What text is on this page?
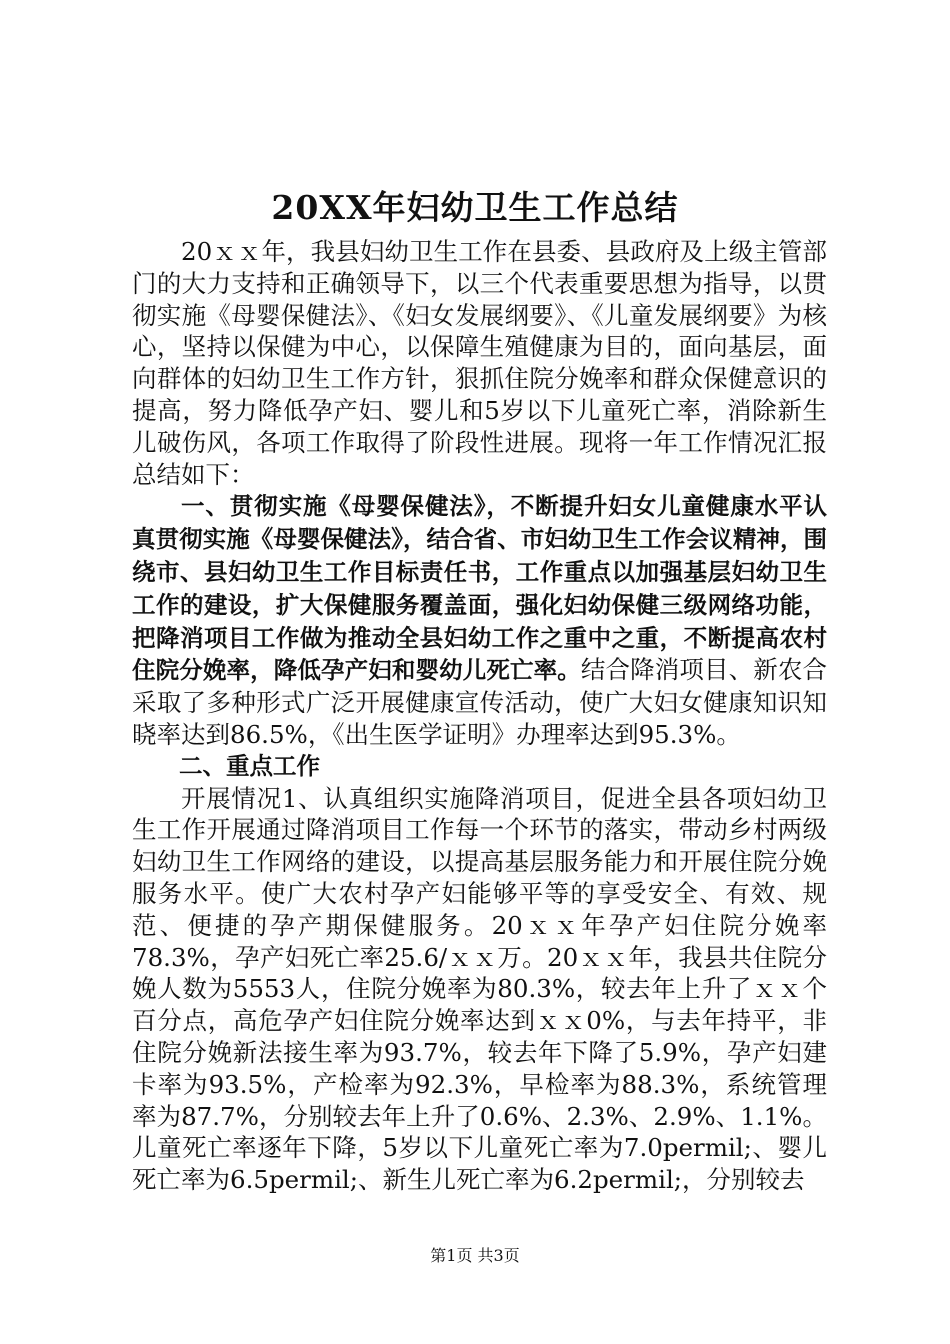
20XX年妇幼卫生工作总结

20ｘｘ年，我县妇幼卫生工作在县委、县政府及上级主管部门的大力支持和正确领导下，以三个代表重要思想为指导，以贯彻实施《母婴保健法》、《妇女发展纲要》、《儿童发展纲要》为核心，坚持以保健为中心，以保障生殖健康为目的，面向基层，面向群体的妇幼卫生工作方针，狠抓住院分娩率和群众保健意识的提高，努力降低孕产妇、婴儿和5岁以下儿童死亡率，消除新生儿破伤风，各项工作取得了阶段性进展。现将一年工作情况汇报总结如下：

一、贯彻实施《母婴保健法》，不断提升妇女儿童健康水平认真贯彻实施《母婴保健法》，结合省、市妇幼卫生工作会议精神，围绕市、县妇幼卫生工作目标责任书，工作重点以加强基层妇幼卫生工作的建设，扩大保健服务覆盖面，强化妇幼保健三级网络功能，把降消项目工作做为推动全县妇幼工作之重中之重，不断提高农村住院分娩率，降低孕产妇和婴幼儿死亡率。结合降消项目、新农合采取了多种形式广泛开展健康宣传活动，使广大妇女健康知识知晓率达到86.5%，《出生医学证明》办理率达到95.3%。

二、重点工作

开展情况1、认真组织实施降消项目，促进全县各项妇幼卫生工作开展通过降消项目工作每一个环节的落实，带动乡村两级妇幼卫生工作网络的建设，以提高基层服务能力和开展住院分娩服务水平。使广大农村孕产妇能够平等的享受安全、有效、规范、便捷的孕产期保健服务。20ｘｘ年孕产妇住院分娩率78.3%，孕产妇死亡率25.6/ｘｘ万。20ｘｘ年，我县共住院分娩人数为5553人，住院分娩率为80.3%，较去年上升了ｘｘ个百分点，高危孕产妇住院分娩率达到ｘｘ0%，与去年持平，非住院分娩新法接生率为93.7%，较去年下降了5.9%，孕产妇建卡率为93.5%，产检率为92.3%，早检率为88.3%，系统管理率为87.7%，分别较去年上升了0.6%、2.3%、2.9%、1.1%。儿童死亡率逐年下降，5岁以下儿童死亡率为7.0permil;、婴儿死亡率为6.5permil;、新生儿死亡率为6.2permil;，分别较去

第1页 共3页
